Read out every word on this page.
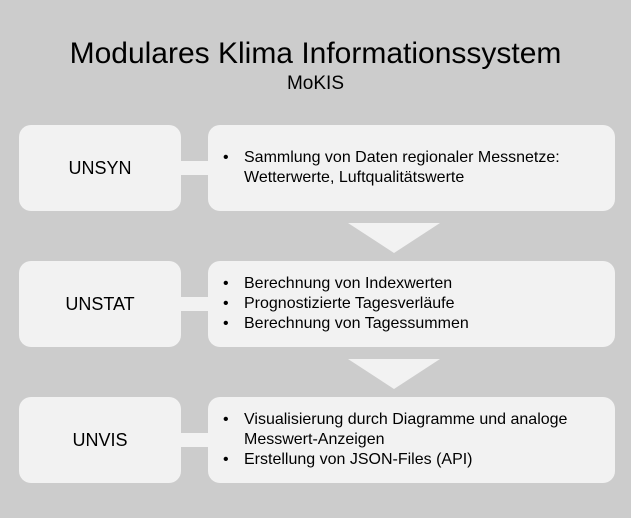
Modulares Klima Informationssystem
MoKIS
UNSYN
•	Sammlung von Daten regionaler Messnetze: Wetterwerte, Luftqualitätswerte
UNSTAT
• Berechnung von Indexwerten
• Prognostizierte Tagesverläufe
• Berechnung von Tagessummen
UNVIS
• Visualisierung durch Diagramme und analoge Messwert-Anzeigen
• Erstellung von JSON-Files (API)
